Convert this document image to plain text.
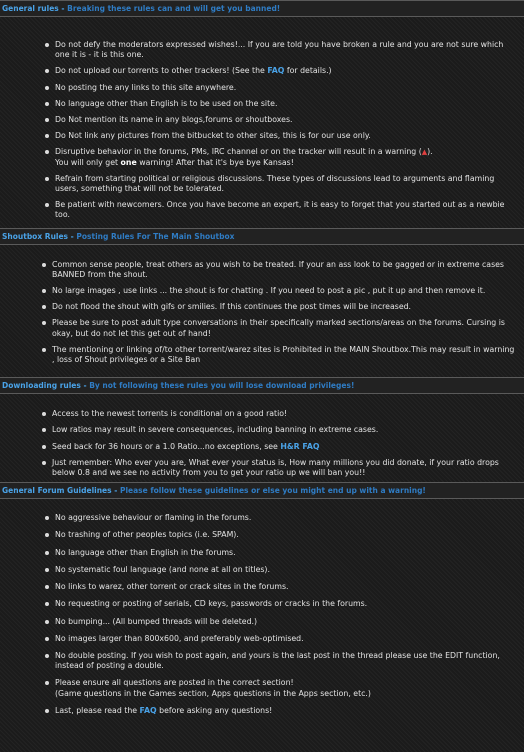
General rules - Breaking these rules can and will get you banned!
Do not defy the moderators expressed wishes!... If you are told you have broken a rule and you are not sure which one it is - it is this one.
Do not upload our torrents to other trackers! (See the FAQ for details.)
No posting the any links to this site anywhere.
No language other than English is to be used on the site.
Do Not mention its name in any blogs,forums or shoutboxes.
Do Not link any pictures from the bitbucket to other sites, this is for our use only.
Disruptive behavior in the forums, PMs, IRC channel or on the tracker will result in a warning (▲).
You will only get one warning! After that it's bye bye Kansas!
Refrain from starting political or religious discussions. These types of discussions lead to arguments and flaming users, something that will not be tolerated.
Be patient with newcomers. Once you have become an expert, it is easy to forget that you started out as a newbie too.
Shoutbox Rules - Posting Rules For The Main Shoutbox
Common sense people, treat others as you wish to be treated. If your an ass look to be gagged or in extreme cases BANNED from the shout.
No large images , use links ... the shout is for chatting . If you need to post a pic , put it up and then remove it.
Do not flood the shout with gifs or smilies. If this continues the post times will be increased.
Please be sure to post adult type conversations in their specifically marked sections/areas on the forums. Cursing is okay, but do not let this get out of hand!
The mentioning or linking of/to other torrent/warez sites is Prohibited in the MAIN Shoutbox.This may result in warning , loss of Shout privileges or a Site Ban
Downloading rules - By not following these rules you will lose download privileges!
Access to the newest torrents is conditional on a good ratio!
Low ratios may result in severe consequences, including banning in extreme cases.
Seed back for 36 hours or a 1.0 Ratio...no exceptions, see H&R FAQ
Just remember: Who ever you are, What ever your status is, How many millions you did donate, if your ratio drops below 0.8 and we see no activity from you to get your ratio up we will ban you!!
General Forum Guidelines - Please follow these guidelines or else you might end up with a warning!
No aggressive behaviour or flaming in the forums.
No trashing of other peoples topics (i.e. SPAM).
No language other than English in the forums.
No systematic foul language (and none at all on titles).
No links to warez, other torrent or crack sites in the forums.
No requesting or posting of serials, CD keys, passwords or cracks in the forums.
No bumping... (All bumped threads will be deleted.)
No images larger than 800x600, and preferably web-optimised.
No double posting. If you wish to post again, and yours is the last post in the thread please use the EDIT function, instead of posting a double.
Please ensure all questions are posted in the correct section!
(Game questions in the Games section, Apps questions in the Apps section, etc.)
Last, please read the FAQ before asking any questions!
